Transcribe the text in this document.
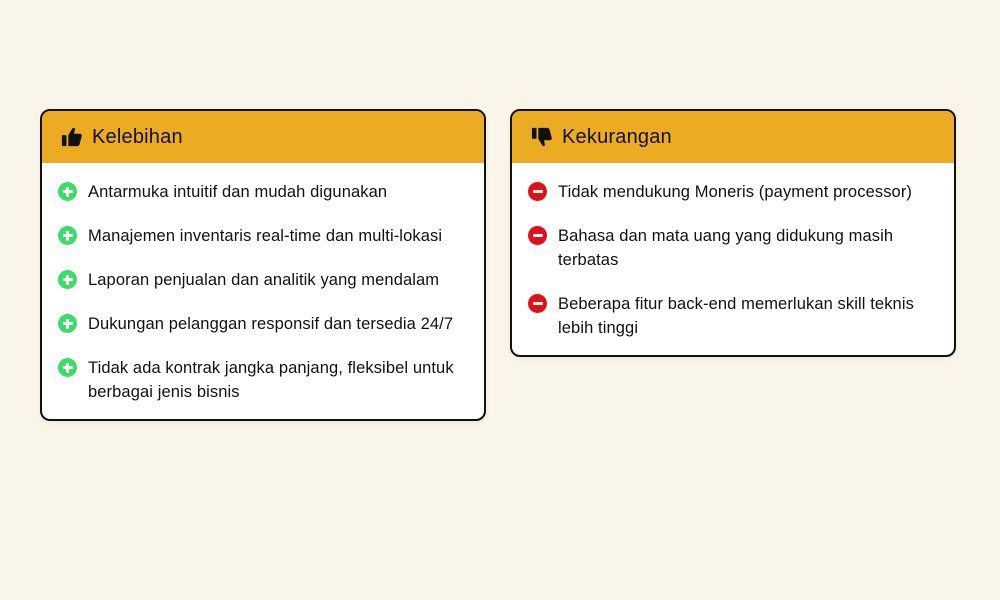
Kelebihan
Antarmuka intuitif dan mudah digunakan
Manajemen inventaris real-time dan multi-lokasi
Laporan penjualan dan analitik yang mendalam
Dukungan pelanggan responsif dan tersedia 24/7
Tidak ada kontrak jangka panjang, fleksibel untuk berbagai jenis bisnis
Kekurangan
Tidak mendukung Moneris (payment processor)
Bahasa dan mata uang yang didukung masih terbatas
Beberapa fitur back-end memerlukan skill teknis lebih tinggi
